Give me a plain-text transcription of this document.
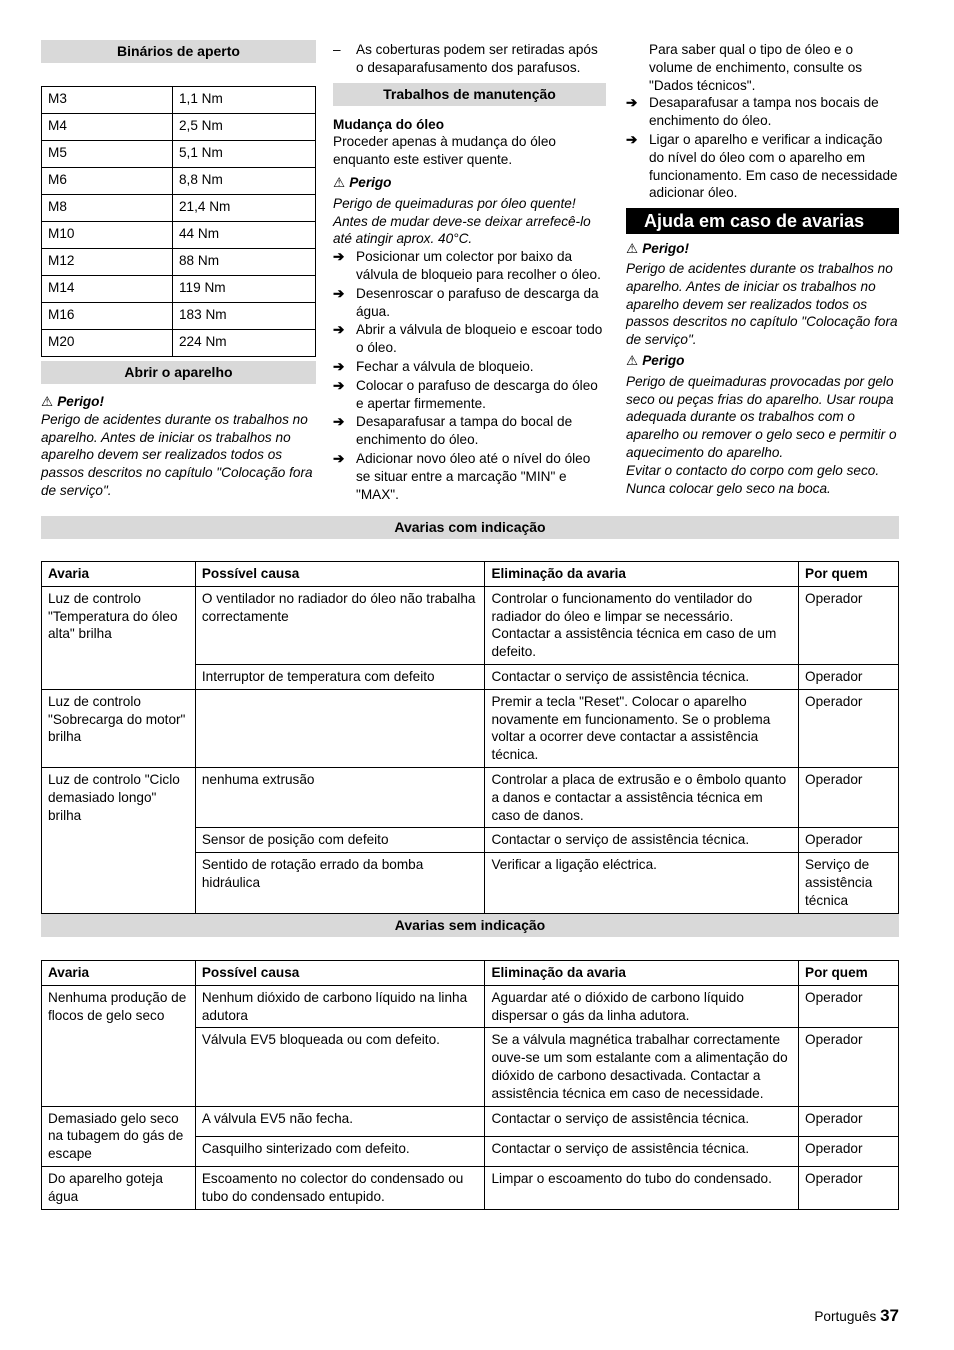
Binários de aperto
M3	1,1 Nm
M4	2,5 Nm
M5	5,1 Nm
M6	8,8 Nm
M8	21,4 Nm
M10	44 Nm
M12	88 Nm
M14	119 Nm
M16	183 Nm
M20	224 Nm
Abrir o aparelho
⚠ Perigo!

Perigo de acidentes durante os trabalhos no aparelho. Antes de iniciar os trabalhos no aparelho devem ser realizados todos os passos descritos no capítulo "Colocação fora de serviço".

– As coberturas podem ser retiradas após o desaparafusamento dos parafusos.
Trabalhos de manutenção
Mudança do óleo

Proceder apenas à mudança do óleo enquanto este estiver quente.

⚠ Perigo

Perigo de queimaduras por óleo quente! Antes de mudar deve-se deixar arrefecê-lo até atingir aprox. 40°C.

➔ Posicionar um colector por baixo da válvula de bloqueio para recolher o óleo.
➔ Desenroscar o parafuso de descarga da água.
➔ Abrir a válvula de bloqueio e escoar todo o óleo.
➔ Fechar a válvula de bloqueio.
➔ Colocar o parafuso de descarga do óleo e apertar firmemente.
➔ Desaparafusar a tampa do bocal de enchimento do óleo.
➔ Adicionar novo óleo até o nível do óleo se situar entre a marcação "MIN" e "MAX".

Para saber qual o tipo de óleo e o volume de enchimento, consulte os "Dados técnicos".

➔ Desaparafusar a tampa nos bocais de enchimento do óleo.
➔ Ligar o aparelho e verificar a indicação do nível do óleo com o aparelho em funcionamento. Em caso de necessidade adicionar óleo.
Ajuda em caso de avarias
⚠ Perigo!

Perigo de acidentes durante os trabalhos no aparelho. Antes de iniciar os trabalhos no aparelho devem ser realizados todos os passos descritos no capítulo "Colocação fora de serviço".

⚠ Perigo

Perigo de queimaduras provocadas por gelo seco ou peças frias do aparelho. Usar roupa adequada durante os trabalhos com o aparelho ou remover o gelo seco e permitir o aquecimento do aparelho.

Evitar o contacto do corpo com gelo seco. Nunca colocar gelo seco na boca.

Avarias com indicação
Avaria	Possível causa	Eliminação da avaria	Por quem
Luz de controlo "Temperatura do óleo alta" brilha	O ventilador no radiador do óleo não trabalha correctamente	Controlar o funcionamento do ventilador do radiador do óleo e limpar se necessário. Contactar a assistência técnica em caso de um defeito.	Operador
	Interruptor de temperatura com defeito	Contactar o serviço de assistência técnica.	Operador
Luz de controlo "Sobrecarga do motor" brilha		Premir a tecla "Reset". Colocar o aparelho novamente em funcionamento. Se o problema voltar a ocorrer deve contactar a assistência técnica.	Operador
Luz de controlo "Ciclo demasiado longo" brilha	nenhuma extrusão	Controlar a placa de extrusão e o êmbolo quanto a danos e contactar a assistência técnica em caso de danos.	Operador
	Sensor de posição com defeito	Contactar o serviço de assistência técnica.	Operador
	Sentido de rotação errado da bomba hidráulica	Verificar a ligação eléctrica.	Serviço de assistência técnica
Avarias sem indicação
Avaria	Possível causa	Eliminação da avaria	Por quem
Nenhuma produção de flocos de gelo seco	Nenhum dióxido de carbono líquido na linha adutora	Aguardar até o dióxido de carbono líquido dispersar o gás da linha adutora.	Operador
	Válvula EV5 bloqueada ou com defeito.	Se a válvula magnética trabalhar correctamente ouve-se um som estalante com a alimentação do dióxido de carbono desactivada. Contactar a assistência técnica em caso de necessidade.	Operador
Demasiado gelo seco na tubagem do gás de escape	A válvula EV5 não fecha.	Contactar o serviço de assistência técnica.	Operador
	Casquilho sinterizado com defeito.	Contactar o serviço de assistência técnica.	Operador
Do aparelho goteja água	Escoamento no colector do condensado ou tubo do condensado entupido.	Limpar o escoamento do tubo do condensado.	Operador
Português 37
